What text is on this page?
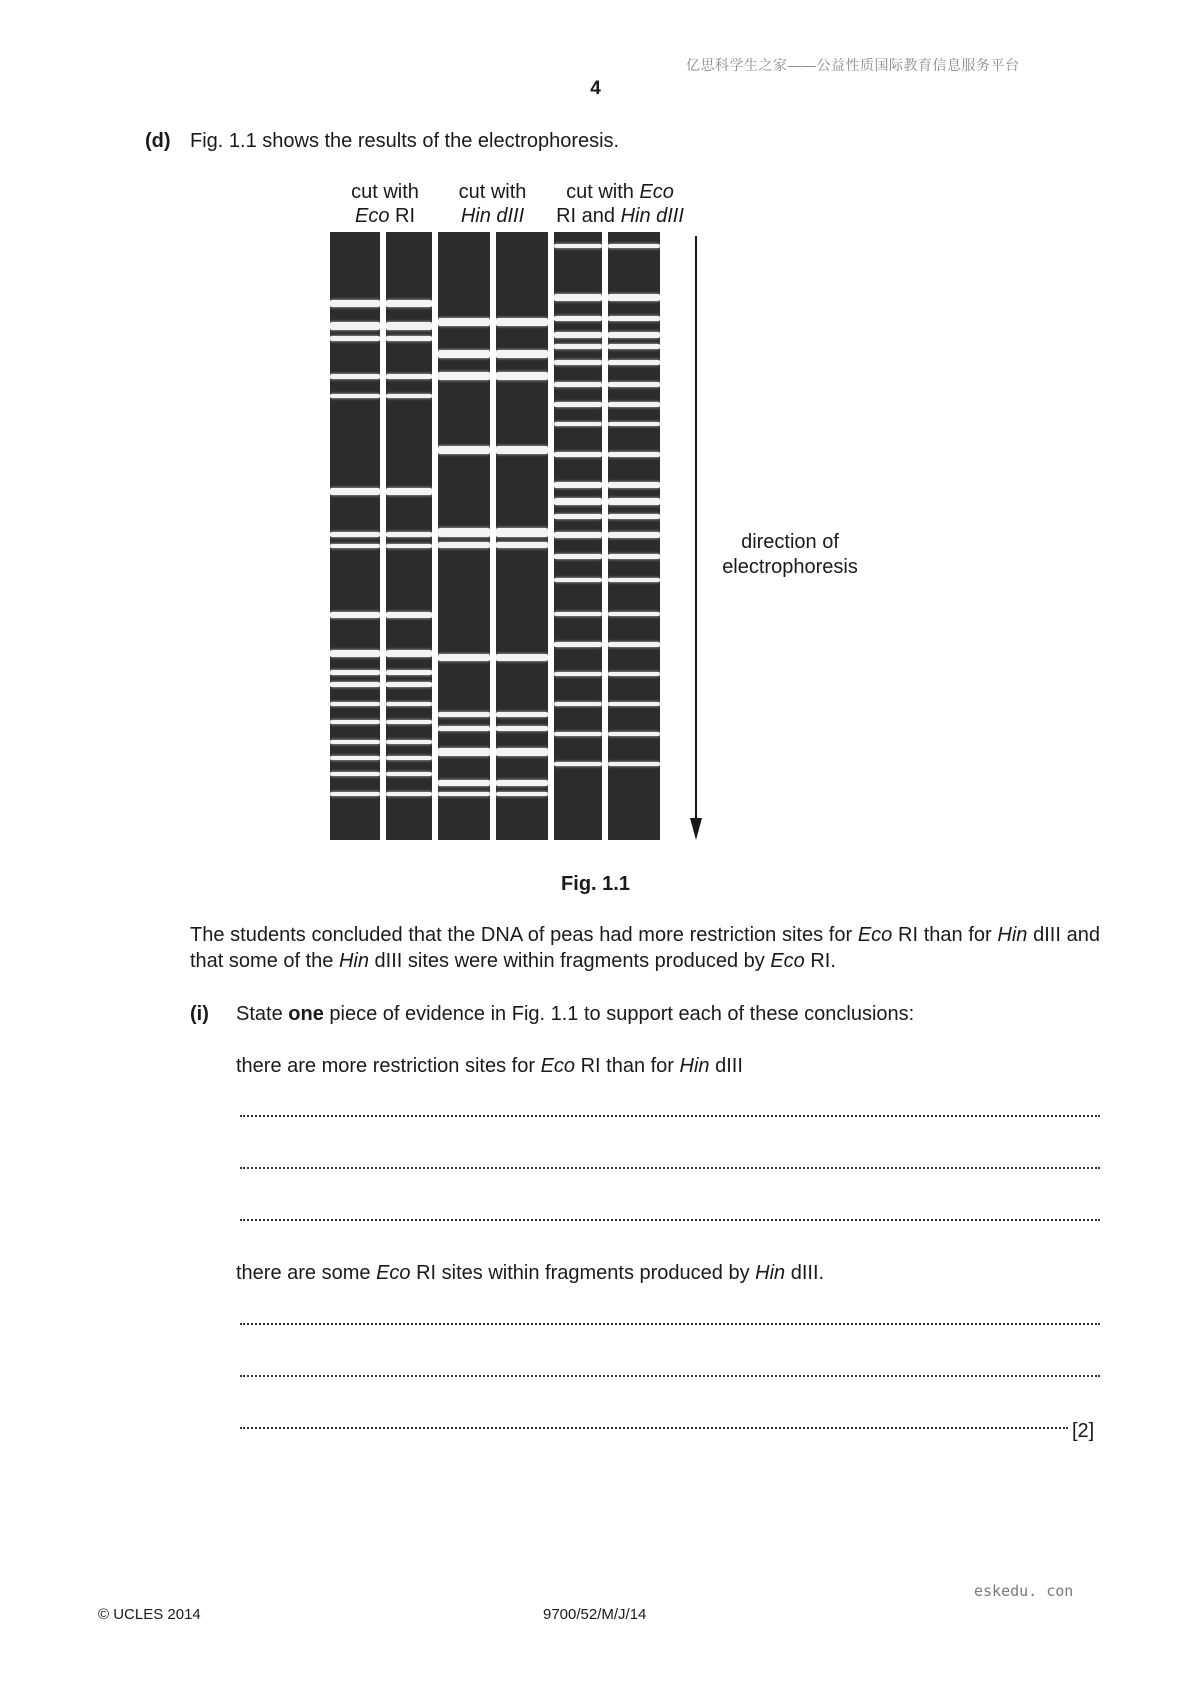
亿思科学生之家——公益性质国际教育信息服务平台
4
(d) Fig. 1.1 shows the results of the electrophoresis.
cut with
Eco RI
cut with
Hin dIII
cut with Eco
RI and Hin dIII
direction of
electrophoresis
Fig. 1.1
The students concluded that the DNA of peas had more restriction sites for Eco RI than for Hin dIII and that some of the Hin dIII sites were within fragments produced by Eco RI.
(i) State one piece of evidence in Fig. 1.1 to support each of these conclusions:
there are more restriction sites for Eco RI than for Hin dIII
there are some Eco RI sites within fragments produced by Hin dIII.
[2]
eskedu. con
© UCLES 2014	9700/52/M/J/14
